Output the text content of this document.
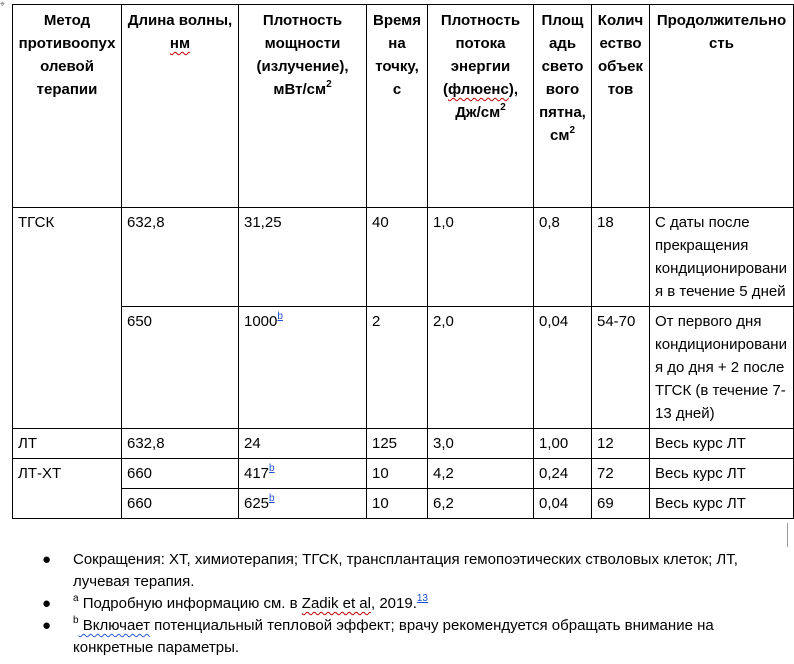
⌖
Метод противоопухолевой терапии	Длина волны, нм	Плотность мощности (излучение), мВт/$см^2$	Время на точку, с	Плотность потока энергии (флюенс), $Дж/см^2$	Площадь светового пятна, $см^2$	Количество объектов	Продолжительность
ТГСК	632,8	31,25	40	1,0	0,8	18	С даты после прекращения кондиционирования в течение 5 дней
	650	1000$^b$	2	2,0	0,04	54-70	От первого дня кондиционирования до дня + 2 после ТГСК (в течение 7-13 дней)
ЛТ	632,8	24	125	3,0	1,00	12	Весь курс ЛТ
ЛТ-ХТ	660	417$^b$	10	4,2	0,24	72	Весь курс ЛТ
	660	625$^b$	10	6,2	0,04	69	Весь курс ЛТ
● Сокращения: ХТ, химиотерапия; ТГСК, трансплантация гемопоэтических стволовых клеток; ЛТ, лучевая терапия.
● $^a$ Подробную информацию см. в Zadik et al, 2019.13
● $^b$ Включает потенциальный тепловой эффект; врачу рекомендуется обращать внимание на конкретные параметры.
